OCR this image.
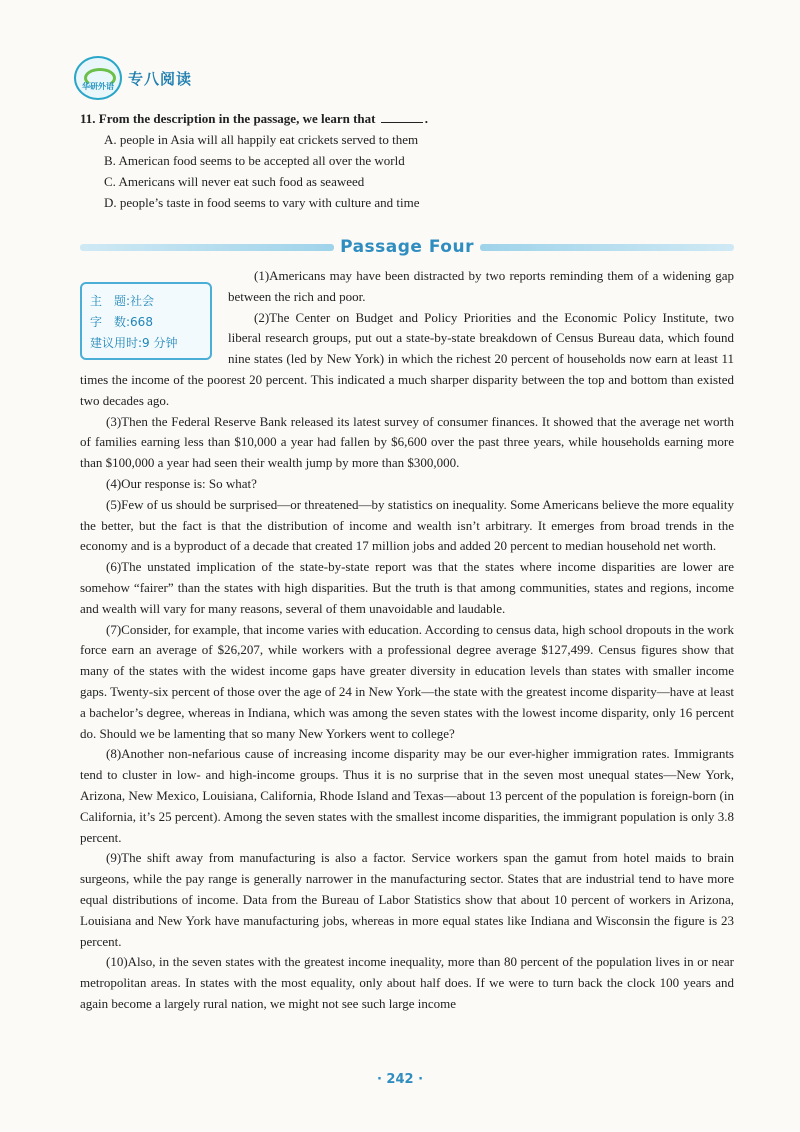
华研外语 专八阅读
11. From the description in the passage, we learn that	.
A. people in Asia will all happily eat crickets served to them
B. American food seems to be accepted all over the world
C. Americans will never eat such food as seaweed
D. people’s taste in food seems to vary with culture and time
Passage Four

(1)Americans may have been distracted by two reports reminding them of a widening gap between the rich and poor.

(2)The Center on Budget and Policy Priorities and the Economic Policy Institute, two liberal research groups, put out a state-by-state breakdown of Census Bureau data, which found nine states (led by New York) in which the richest 20 percent of households now earn at least 11 times the income of the poorest 20 percent. This indicated a much sharper disparity between the top and bottom than existed two decades ago.

(3)Then the Federal Reserve Bank released its latest survey of consumer finances. It showed that the average net worth of families earning less than $10,000 a year had fallen by $6,600 over the past three years, while households earning more than $100,000 a year had seen their wealth jump by more than $300,000.

(4)Our response is: So what?

(5)Few of us should be surprised—or threatened—by statistics on inequality. Some Americans believe the more equality the better, but the fact is that the distribution of income and wealth isn’t arbitrary. It emerges from broad trends in the economy and is a byproduct of a decade that created 17 million jobs and added 20 percent to median household net worth.

(6)The unstated implication of the state-by-state report was that the states where income disparities are lower are somehow “fairer” than the states with high disparities. But the truth is that among communities, states and regions, income and wealth will vary for many reasons, several of them unavoidable and laudable.

(7)Consider, for example, that income varies with education. According to census data, high school dropouts in the work force earn an average of $26,207, while workers with a professional degree average $127,499. Census figures show that many of the states with the widest income gaps have greater diversity in education levels than states with smaller income gaps. Twenty-six percent of those over the age of 24 in New York—the state with the greatest income disparity—have at least a bachelor’s degree, whereas in Indiana, which was among the seven states with the lowest income disparity, only 16 percent do. Should we be lamenting that so many New Yorkers went to college?

(8)Another non-nefarious cause of increasing income disparity may be our ever-higher immigration rates. Immigrants tend to cluster in low- and high-income groups. Thus it is no surprise that in the seven most unequal states—New York, Arizona, New Mexico, Louisiana, California, Rhode Island and Texas—about 13 percent of the population is foreign-born (in California, it’s 25 percent). Among the seven states with the smallest income disparities, the immigrant population is only 3.8 percent.

(9)The shift away from manufacturing is also a factor. Service workers span the gamut from hotel maids to brain surgeons, while the pay range is generally narrower in the manufacturing sector. States that are industrial tend to have more equal distributions of income. Data from the Bureau of Labor Statistics show that about 10 percent of workers in Arizona, Louisiana and New York have manufacturing jobs, whereas in more equal states like Indiana and Wisconsin the figure is 23 percent.

(10)Also, in the seven states with the greatest income inequality, more than 80 percent of the population lives in or near metropolitan areas. In states with the most equality, only about half does. If we were to turn back the clock 100 years and again become a largely rural nation, we might not see such large income

主　题:社会
字　数:668
建议用时:9 分钟
· 242 ·
